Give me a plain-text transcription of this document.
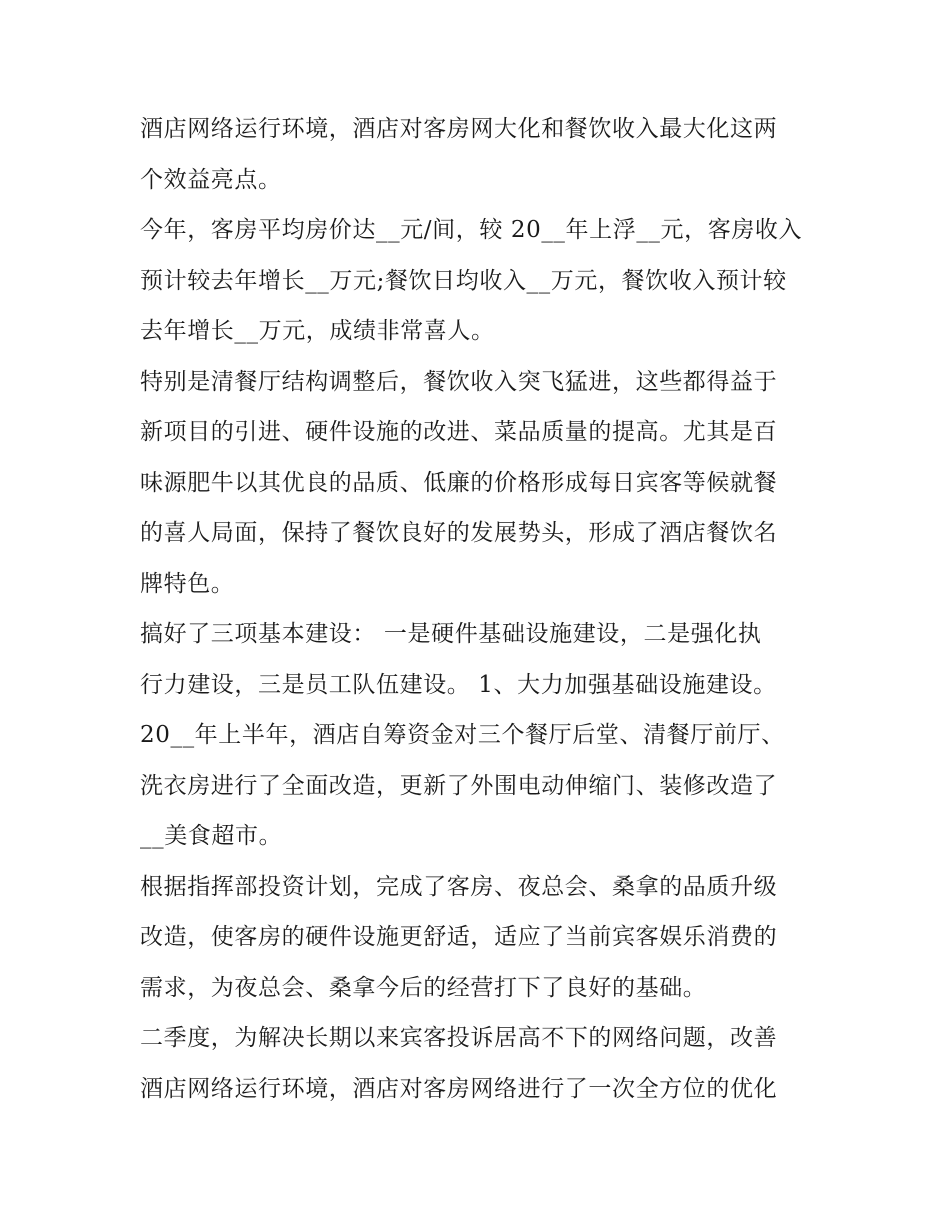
酒店网络运行环境，酒店对客房网大化和餐饮收入最大化这两
个效益亮点。
今年，客房平均房价达__元/间，较 20__年上浮__元，客房收入
预计较去年增长__万元;餐饮日均收入__万元，餐饮收入预计较
去年增长__万元，成绩非常喜人。
特别是清餐厅结构调整后，餐饮收入突飞猛进，这些都得益于
新项目的引进、硬件设施的改进、菜品质量的提高。尤其是百
味源肥牛以其优良的品质、低廉的价格形成每日宾客等候就餐
的喜人局面，保持了餐饮良好的发展势头，形成了酒店餐饮名
牌特色。
搞好了三项基本建设： 一是硬件基础设施建设，二是强化执
行力建设，三是员工队伍建设。 1、大力加强基础设施建设。
20__年上半年，酒店自筹资金对三个餐厅后堂、清餐厅前厅、
洗衣房进行了全面改造，更新了外围电动伸缩门、装修改造了
__美食超市。
根据指挥部投资计划，完成了客房、夜总会、桑拿的品质升级
改造，使客房的硬件设施更舒适，适应了当前宾客娱乐消费的
需求，为夜总会、桑拿今后的经营打下了良好的基础。
二季度，为解决长期以来宾客投诉居高不下的网络问题，改善
酒店网络运行环境，酒店对客房网络进行了一次全方位的优化
